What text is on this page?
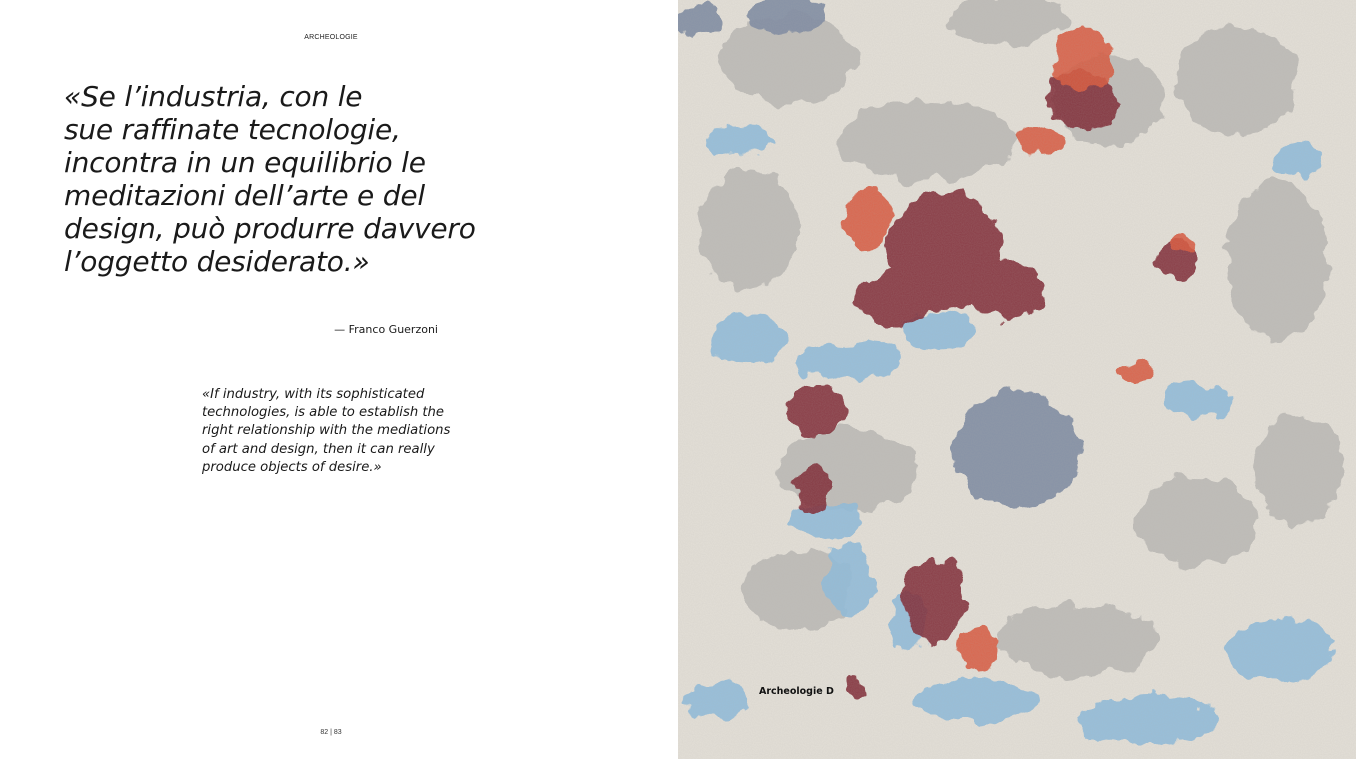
ARCHEOLOGIE

«Se l’industria, con le
sue raffinate tecnologie,
incontra in un equilibrio le
meditazioni dell’arte e del
design, può produrre davvero
l’oggetto desiderato.»

— Franco Guerzoni

«If industry, with its sophisticated
technologies, is able to establish the
right relationship with the mediations
of art and design, then it can really
produce objects of desire.»

82 | 83
Archeologie D
